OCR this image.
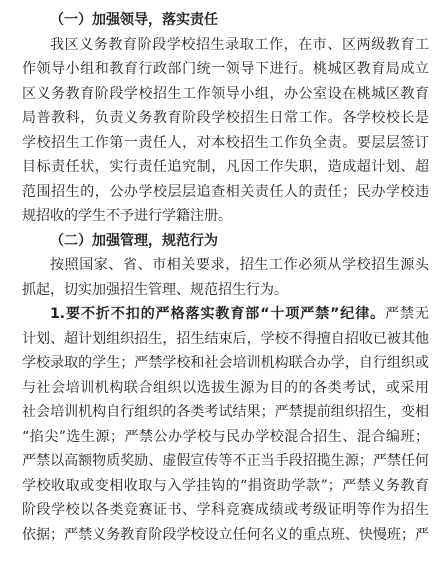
（一）加强领导，落实责任
我区义务教育阶段学校招生录取工作，在市、区两级教育工
作领导小组和教育行政部门统一领导下进行。桃城区教育局成立
区义务教育阶段学校招生工作领导小组，办公室设在桃城区教育
局普教科，负责义务教育阶段学校招生日常工作。各学校校长是
学校招生工作第一责任人，对本校招生工作负全责。要层层签订
目标责任状，实行责任追究制，凡因工作失职，造成超计划、超
范围招生的，公办学校层层追查相关责任人的责任；民办学校违
规招收的学生不予进行学籍注册。
（二）加强管理，规范行为
按照国家、省、市相关要求，招生工作必须从学校招生源头
抓起，切实加强招生管理、规范招生行为。
1.要不折不扣的严格落实教育部“十项严禁”纪律。严禁无
计划、超计划组织招生，招生结束后，学校不得擅自招收已被其他
学校录取的学生；严禁学校和社会培训机构联合办学，自行组织或
与社会培训机构联合组织以选拔生源为目的的各类考试，或采用
社会培训机构自行组织的各类考试结果；严禁提前组织招生，变相
“掐尖”选生源；严禁公办学校与民办学校混合招生、混合编班；
严禁以高额物质奖励、虚假宣传等不正当手段招揽生源；严禁任何
学校收取或变相收取与入学挂钩的“捐资助学款”；严禁义务教育
阶段学校以各类竞赛证书、学科竞赛成绩或考级证明等作为招生
依据；严禁义务教育阶段学校设立任何名义的重点班、快慢班；严
